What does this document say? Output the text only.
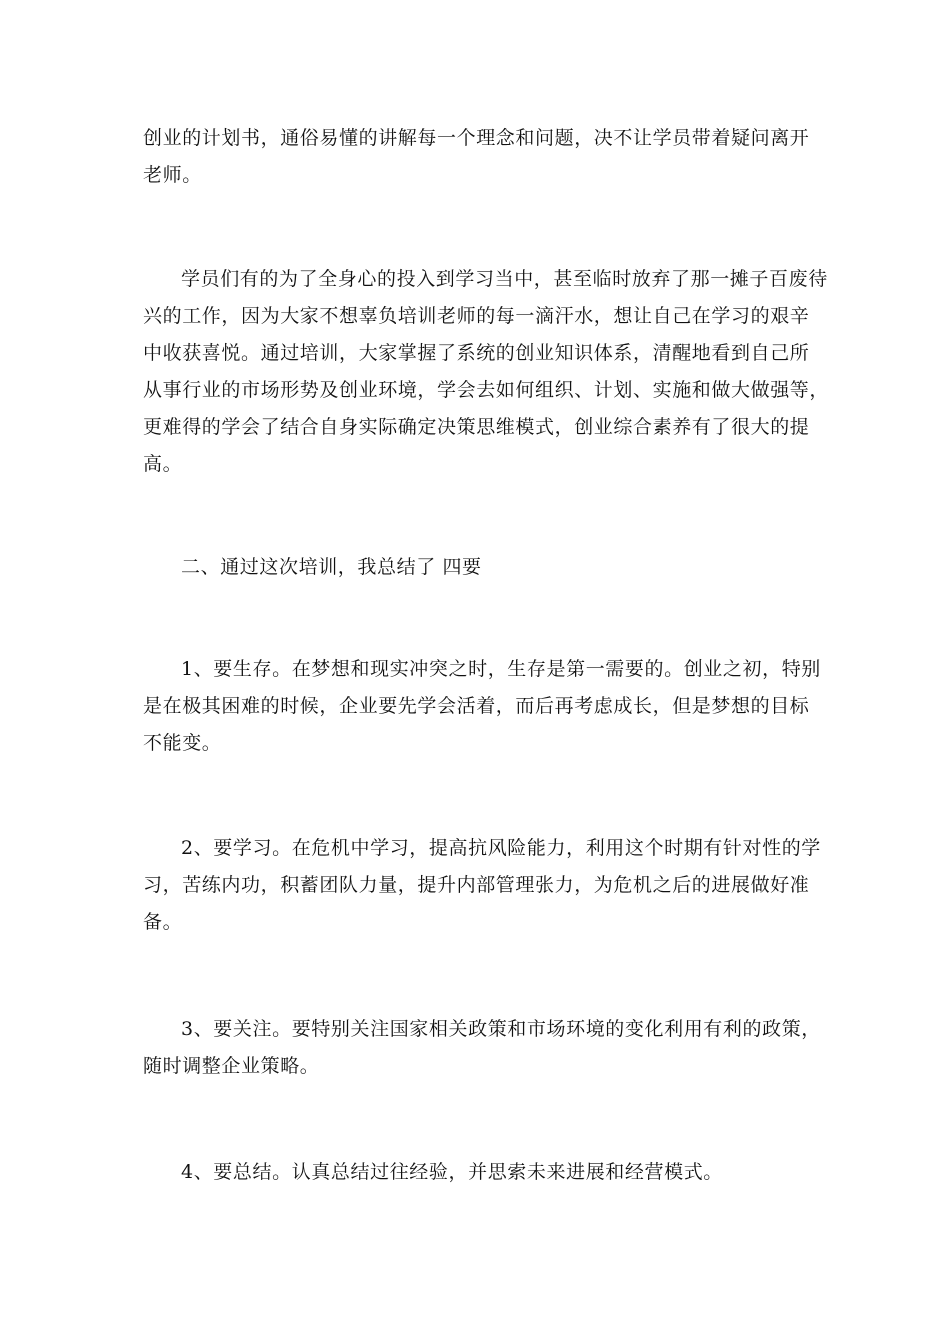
创业的计划书，通俗易懂的讲解每一个理念和问题，决不让学员带着疑问离开
老师。

学员们有的为了全身心的投入到学习当中，甚至临时放弃了那一摊子百废待
兴的工作，因为大家不想辜负培训老师的每一滴汗水，想让自己在学习的艰辛
中收获喜悦。通过培训，大家掌握了系统的创业知识体系，清醒地看到自己所
从事行业的市场形势及创业环境，学会去如何组织、计划、实施和做大做强等，
更难得的学会了结合自身实际确定决策思维模式，创业综合素养有了很大的提
高。

二、通过这次培训，我总结了 四要

1、要生存。在梦想和现实冲突之时，生存是第一需要的。创业之初，特别
是在极其困难的时候，企业要先学会活着，而后再考虑成长，但是梦想的目标
不能变。

2、要学习。在危机中学习，提高抗风险能力，利用这个时期有针对性的学
习，苦练内功，积蓄团队力量，提升内部管理张力，为危机之后的进展做好准
备。

3、要关注。要特别关注国家相关政策和市场环境的变化利用有利的政策，
随时调整企业策略。

4、要总结。认真总结过往经验，并思索未来进展和经营模式。
